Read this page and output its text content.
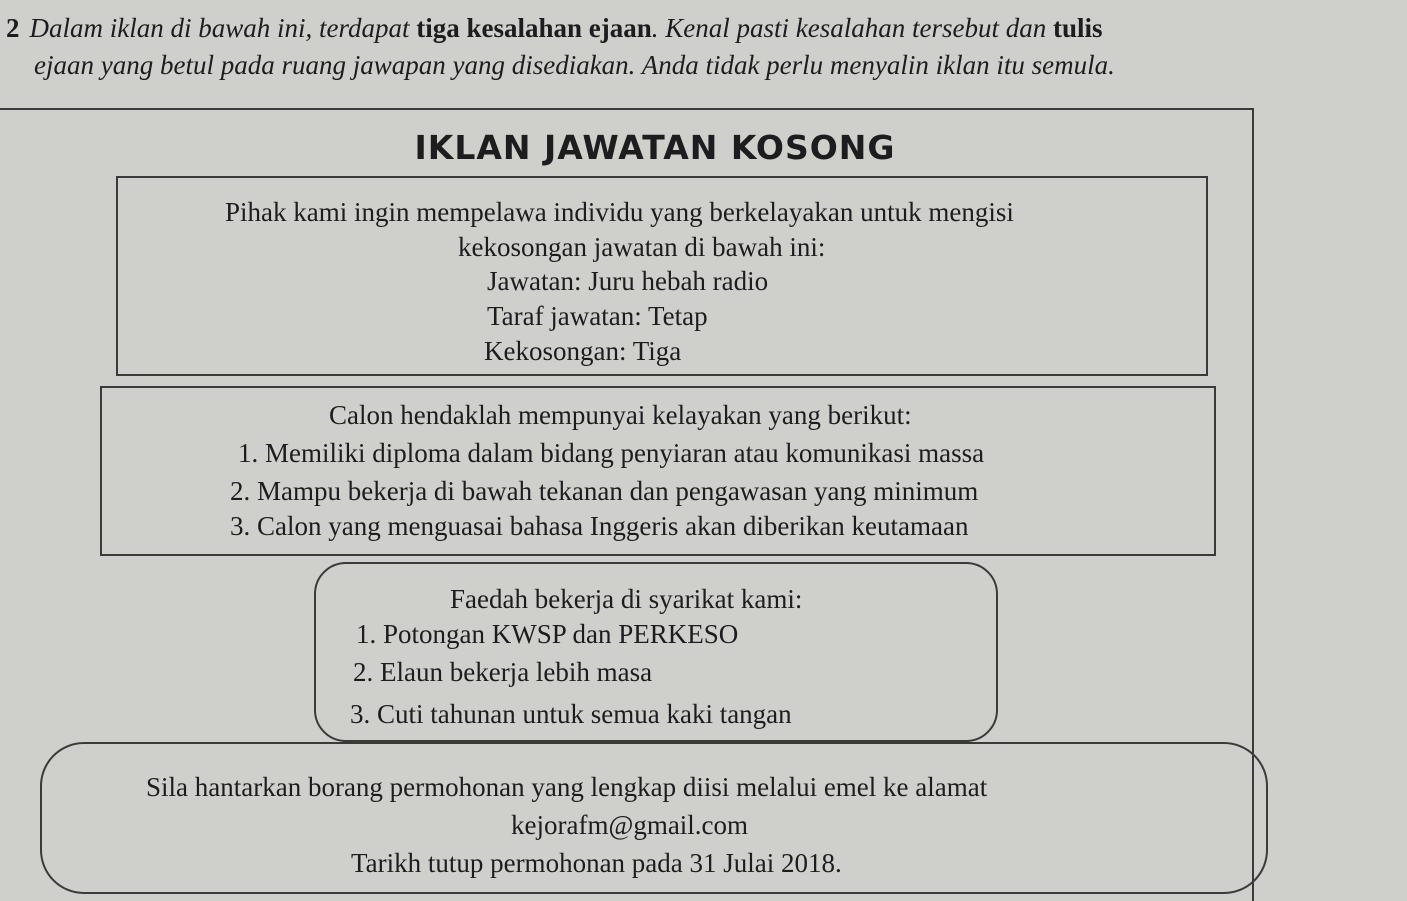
2 Dalam iklan di bawah ini, terdapat tiga kesalahan ejaan. Kenal pasti kesalahan tersebut dan tulis
ejaan yang betul pada ruang jawapan yang disediakan. Anda tidak perlu menyalin iklan itu semula.
IKLAN JAWATAN KOSONG
Pihak kami ingin mempelawa individu yang berkelayakan untuk mengisi
kekosongan jawatan di bawah ini:
Jawatan: Juru hebah radio
Taraf jawatan: Tetap
Kekosongan: Tiga
Calon hendaklah mempunyai kelayakan yang berikut:
1. Memiliki diploma dalam bidang penyiaran atau komunikasi massa
2. Mampu bekerja di bawah tekanan dan pengawasan yang minimum
3. Calon yang menguasai bahasa Inggeris akan diberikan keutamaan
Faedah bekerja di syarikat kami:
1. Potongan KWSP dan PERKESO
2. Elaun bekerja lebih masa
3. Cuti tahunan untuk semua kaki tangan
Sila hantarkan borang permohonan yang lengkap diisi melalui emel ke alamat
kejorafm@gmail.com
Tarikh tutup permohonan pada 31 Julai 2018.
